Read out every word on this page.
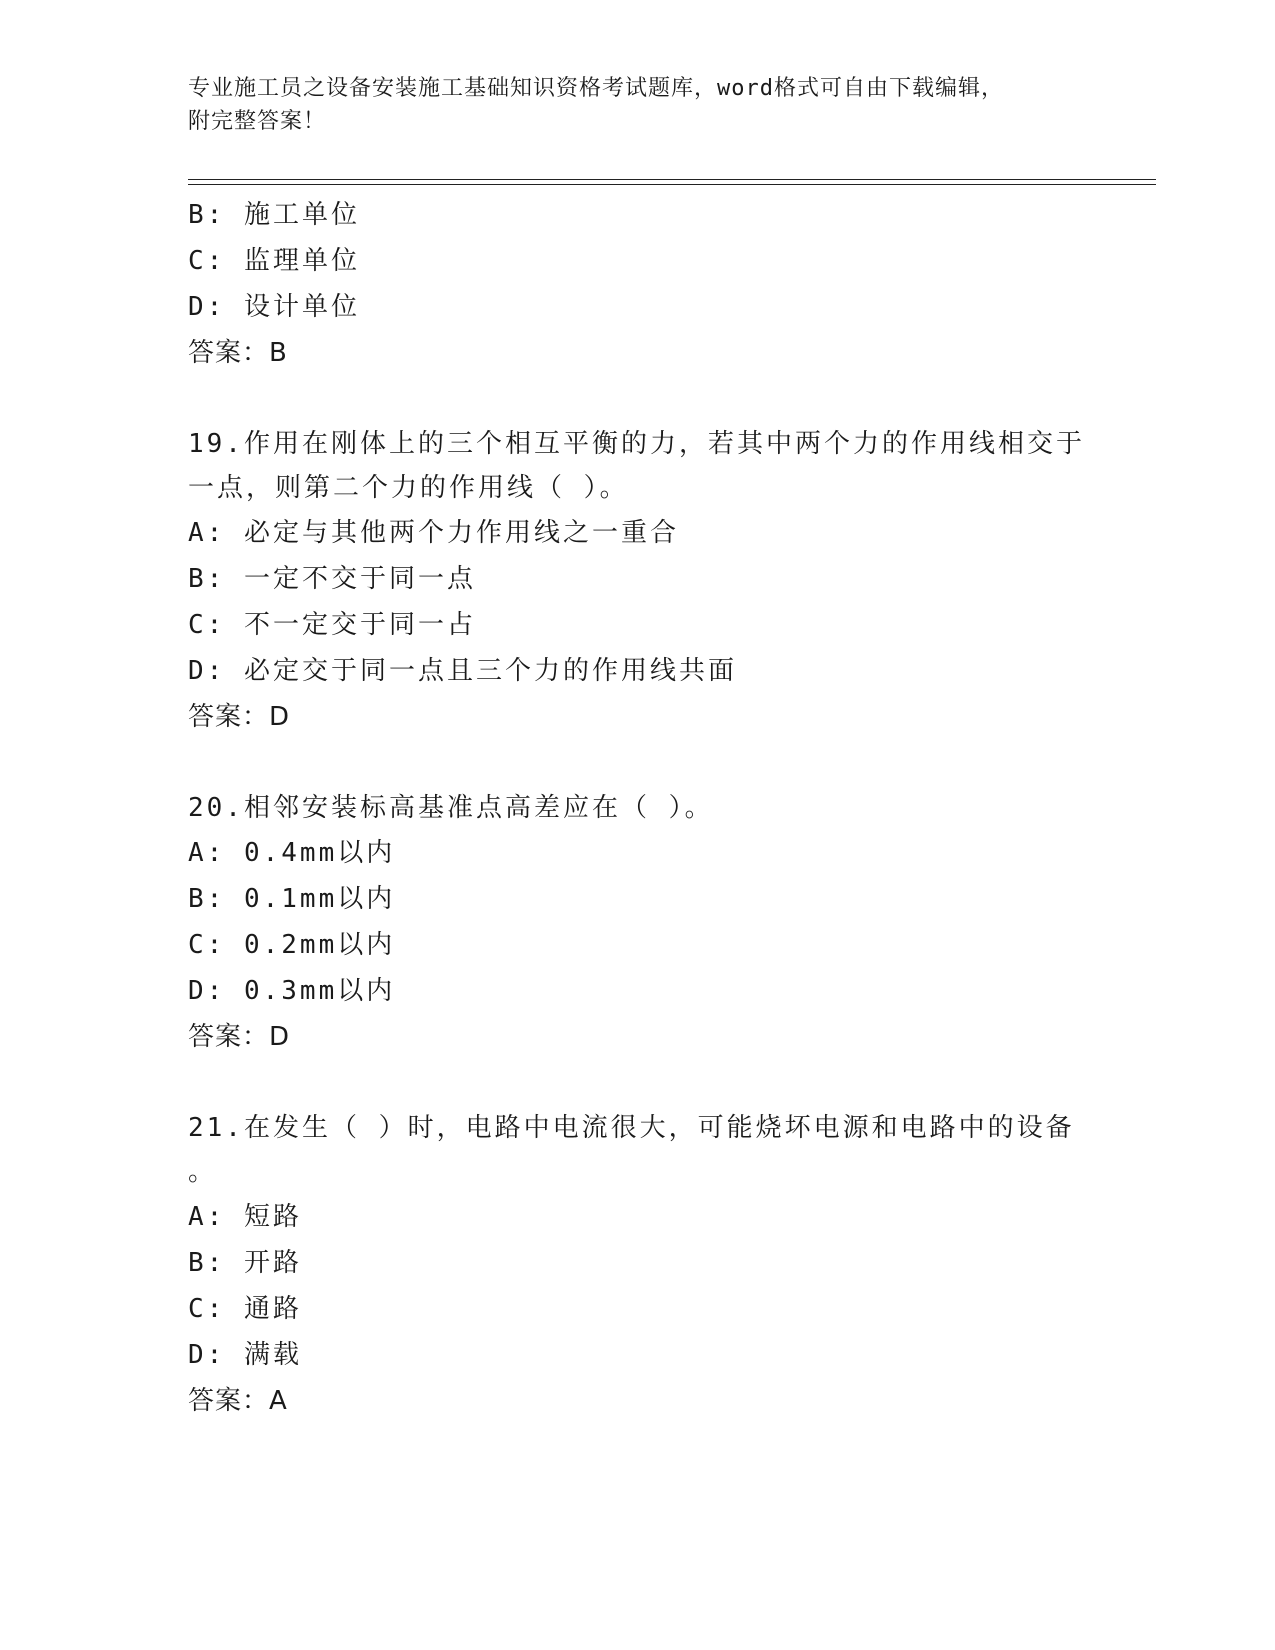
专业施工员之设备安装施工基础知识资格考试题库，word格式可自由下载编辑，

附完整答案！

B: 施工单位
C: 监理单位
D: 设计单位
答案：B
19.作用在刚体上的三个相互平衡的力，若其中两个力的作用线相交于
一点，则第二个力的作用线（ ）。
A: 必定与其他两个力作用线之一重合
B: 一定不交于同一点
C: 不一定交于同一占
D: 必定交于同一点且三个力的作用线共面
答案：D
20.相邻安装标高基准点高差应在（ ）。
A: 0.4mm以内
B: 0.1mm以内
C: 0.2mm以内
D: 0.3mm以内
答案：D
21.在发生（ ）时，电路中电流很大，可能烧坏电源和电路中的设备
。
A: 短路
B: 开路
C: 通路
D: 满载
答案：A
